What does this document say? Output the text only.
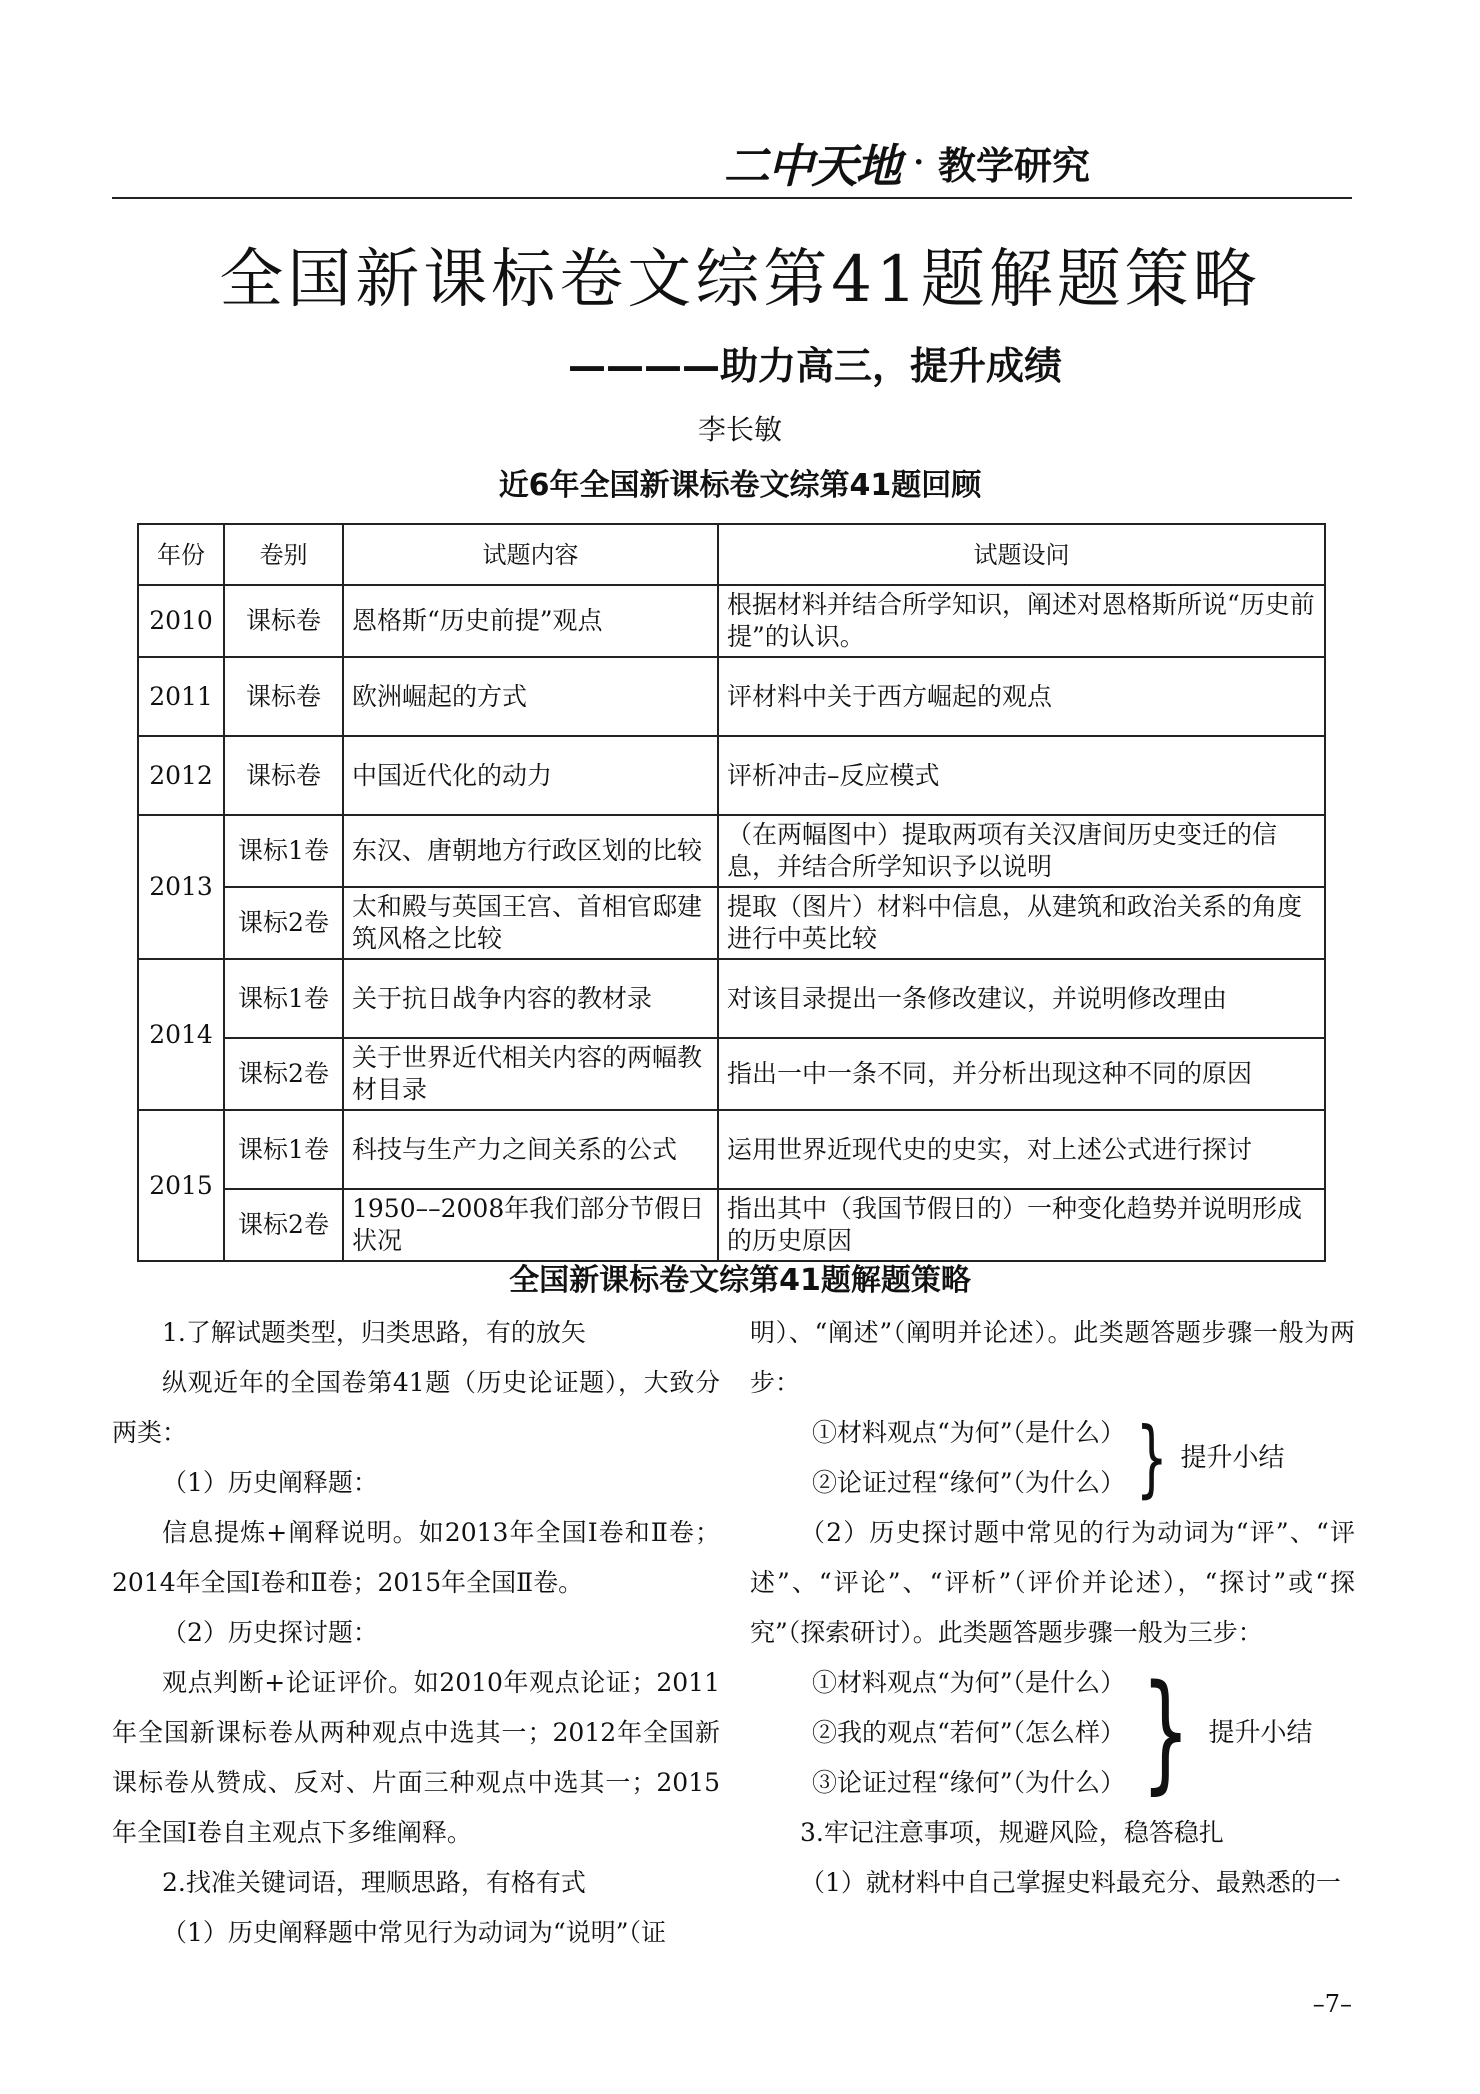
二中天地 · 教学研究
全国新课标卷文综第41题解题策略
————助力高三，提升成绩
李长敏
近6年全国新课标卷文综第41题回顾
年份	卷别	试题内容	试题设问
2010	课标卷	恩格斯“历史前提”观点	根据材料并结合所学知识，阐述对恩格斯所说“历史前提”的认识。
2011	课标卷	欧洲崛起的方式	评材料中关于西方崛起的观点
2012	课标卷	中国近代化的动力	评析冲击–反应模式
2013	课标1卷	东汉、唐朝地方行政区划的比较	（在两幅图中）提取两项有关汉唐间历史变迁的信息，并结合所学知识予以说明
	课标2卷	太和殿与英国王宫、首相官邸建筑风格之比较	提取（图片）材料中信息，从建筑和政治关系的角度进行中英比较
2014	课标1卷	关于抗日战争内容的教材录	对该目录提出一条修改建议，并说明修改理由
	课标2卷	关于世界近代相关内容的两幅教材目录	指出一中一条不同，并分析出现这种不同的原因
2015	课标1卷	科技与生产力之间关系的公式	运用世界近现代史的史实，对上述公式进行探讨
	课标2卷	1950––2008年我们部分节假日状况	指出其中（我国节假日的）一种变化趋势并说明形成的历史原因
全国新课标卷文综第41题解题策略

1.了解试题类型，归类思路，有的放矢

纵观近年的全国卷第41题（历史论证题），大致分两类：

（1）历史阐释题：

信息提炼+阐释说明。如2013年全国Ⅰ卷和Ⅱ卷；2014年全国Ⅰ卷和Ⅱ卷；2015年全国Ⅱ卷。

（2）历史探讨题：

观点判断+论证评价。如2010年观点论证；2011年全国新课标卷从两种观点中选其一；2012年全国新课标卷从赞成、反对、片面三种观点中选其一；2015年全国Ⅰ卷自主观点下多维阐释。

2.找准关键词语，理顺思路，有格有式

（1）历史阐释题中常见行为动词为“说明”（证

明）、“阐述”（阐明并论述）。此类题答题步骤一般为两步：

①材料观点“为何”（是什么）
②论证过程“缘何”（为什么） } 提升小结

（2）历史探讨题中常见的行为动词为“评”、“评述”、“评论”、“评析”（评价并论述），“探讨”或“探究”（探索研讨）。此类题答题步骤一般为三步：

①材料观点“为何”（是什么）
②我的观点“若何”（怎么样）
③论证过程“缘何”（为什么） } 提升小结

3.牢记注意事项，规避风险，稳答稳扎

（1）就材料中自己掌握史料最充分、最熟悉的一

–7–
